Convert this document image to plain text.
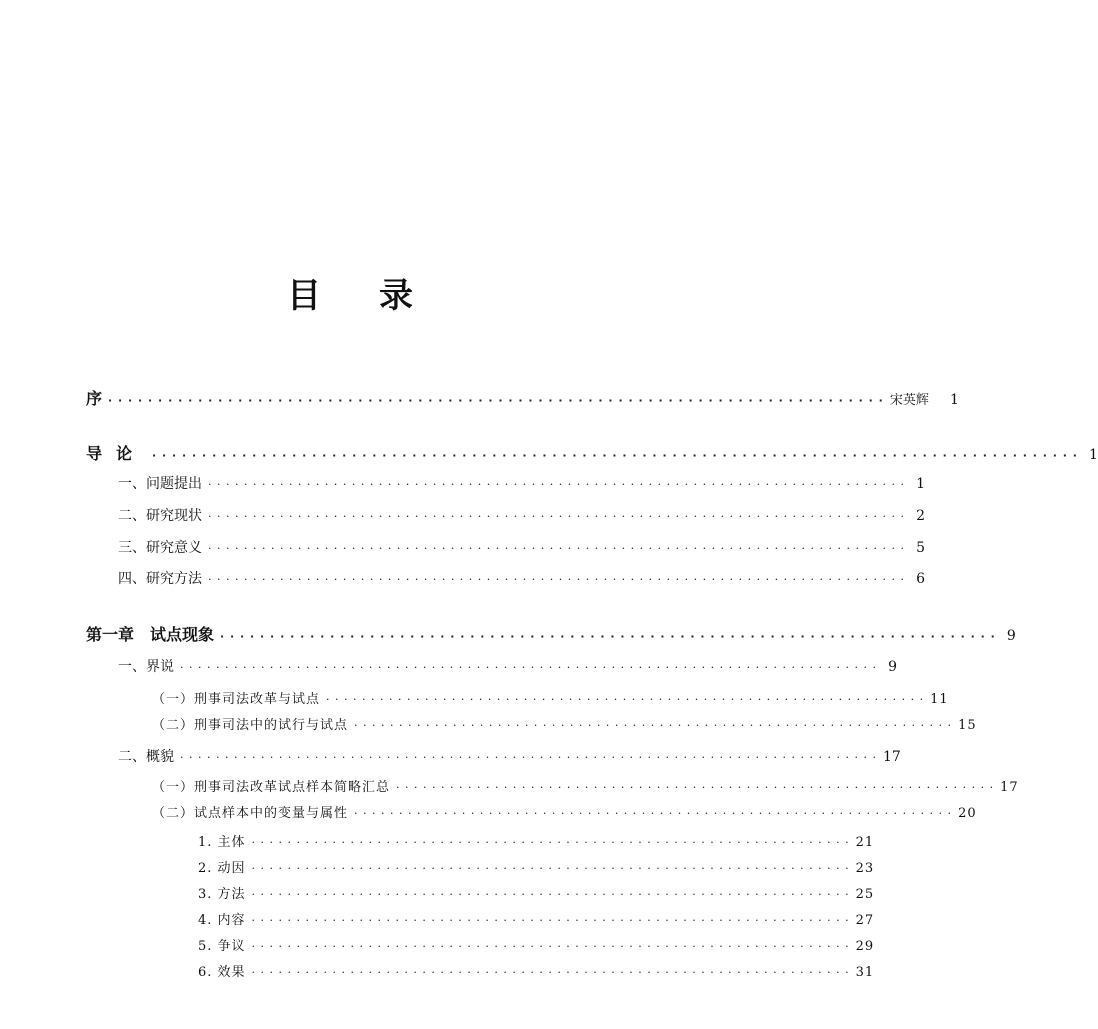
目 录
序 · · · · · · · · · · · · · · · · · · · · · · · · · · · · · · · · · · · · · · · · · · · · · · · · · · · · · · · · · · · · · · · · · · · · · · · · · · · · · · 宋英辉	1
导论 · · · · · · · · · · · · · · · · · · · · · · · · · · · · · · · · · · · · · · · · · · · · · · · · · · · · · · · · · · · · · · · · · · · · · · · · · · · · · · · · · · · · · · · · · · · · · 1
一、问题提出 · · · · · · · · · · · · · · · · · · · · · · · · · · · · · · · · · · · · · · · · · · · · · · · · · · · · · · · · · · · · · · · · · · · · · · · · · · · · · · 1
二、研究现状 · · · · · · · · · · · · · · · · · · · · · · · · · · · · · · · · · · · · · · · · · · · · · · · · · · · · · · · · · · · · · · · · · · · · · · · · · · · · · · 2
三、研究意义 · · · · · · · · · · · · · · · · · · · · · · · · · · · · · · · · · · · · · · · · · · · · · · · · · · · · · · · · · · · · · · · · · · · · · · · · · · · · · · 5
四、研究方法 · · · · · · · · · · · · · · · · · · · · · · · · · · · · · · · · · · · · · · · · · · · · · · · · · · · · · · · · · · · · · · · · · · · · · · · · · · · · · · 6
第一章　试点现象 · · · · · · · · · · · · · · · · · · · · · · · · · · · · · · · · · · · · · · · · · · · · · · · · · · · · · · · · · · · · · · · · · · · · · · · · · · · · · · 9
一、界说 · · · · · · · · · · · · · · · · · · · · · · · · · · · · · · · · · · · · · · · · · · · · · · · · · · · · · · · · · · · · · · · · · · · · · · · · · · · · · · 9
（一）刑事司法改革与试点 · · · · · · · · · · · · · · · · · · · · · · · · · · · · · · · · · · · · · · · · · · · · · · · · · · · · · · · · · · · · · · · · · · · 11
（二）刑事司法中的试行与试点 · · · · · · · · · · · · · · · · · · · · · · · · · · · · · · · · · · · · · · · · · · · · · · · · · · · · · · · · · · · · · · · · · · · 15
二、概貌 · · · · · · · · · · · · · · · · · · · · · · · · · · · · · · · · · · · · · · · · · · · · · · · · · · · · · · · · · · · · · · · · · · · · · · · · · · · · · · 17
（一）刑事司法改革试点样本简略汇总 · · · · · · · · · · · · · · · · · · · · · · · · · · · · · · · · · · · · · · · · · · · · · · · · · · · · · · · · · · · · · · · · · · · 17
（二）试点样本中的变量与属性 · · · · · · · · · · · · · · · · · · · · · · · · · · · · · · · · · · · · · · · · · · · · · · · · · · · · · · · · · · · · · · · · · · · 20
1. 主体 · · · · · · · · · · · · · · · · · · · · · · · · · · · · · · · · · · · · · · · · · · · · · · · · · · · · · · · · · · · · · · · · · · · 21
2. 动因 · · · · · · · · · · · · · · · · · · · · · · · · · · · · · · · · · · · · · · · · · · · · · · · · · · · · · · · · · · · · · · · · · · · 23
3. 方法 · · · · · · · · · · · · · · · · · · · · · · · · · · · · · · · · · · · · · · · · · · · · · · · · · · · · · · · · · · · · · · · · · · · 25
4. 内容 · · · · · · · · · · · · · · · · · · · · · · · · · · · · · · · · · · · · · · · · · · · · · · · · · · · · · · · · · · · · · · · · · · · 27
5. 争议 · · · · · · · · · · · · · · · · · · · · · · · · · · · · · · · · · · · · · · · · · · · · · · · · · · · · · · · · · · · · · · · · · · · 29
6. 效果 · · · · · · · · · · · · · · · · · · · · · · · · · · · · · · · · · · · · · · · · · · · · · · · · · · · · · · · · · · · · · · · · · · · 31
